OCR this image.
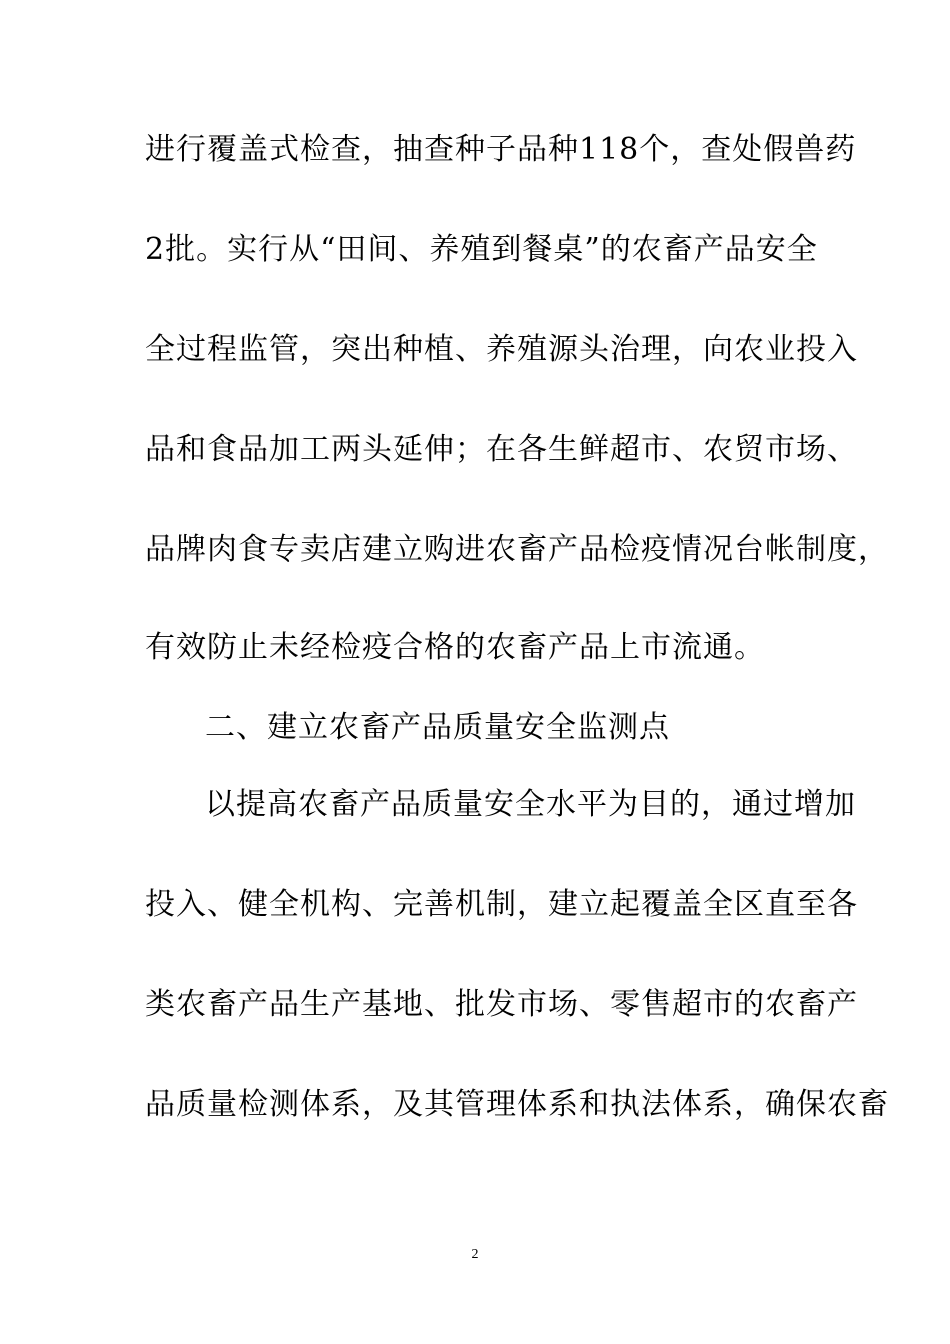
进行覆盖式检查，抽查种子品种118个，查处假兽药
2批。实行从“田间、养殖到餐桌”的农畜产品安全
全过程监管，突出种植、养殖源头治理，向农业投入
品和食品加工两头延伸；在各生鲜超市、农贸市场、
品牌肉食专卖店建立购进农畜产品检疫情况台帐制度，
有效防止未经检疫合格的农畜产品上市流通。
二、建立农畜产品质量安全监测点
以提高农畜产品质量安全水平为目的，通过增加
投入、健全机构、完善机制，建立起覆盖全区直至各
类农畜产品生产基地、批发市场、零售超市的农畜产
品质量检测体系，及其管理体系和执法体系，确保农畜
2
